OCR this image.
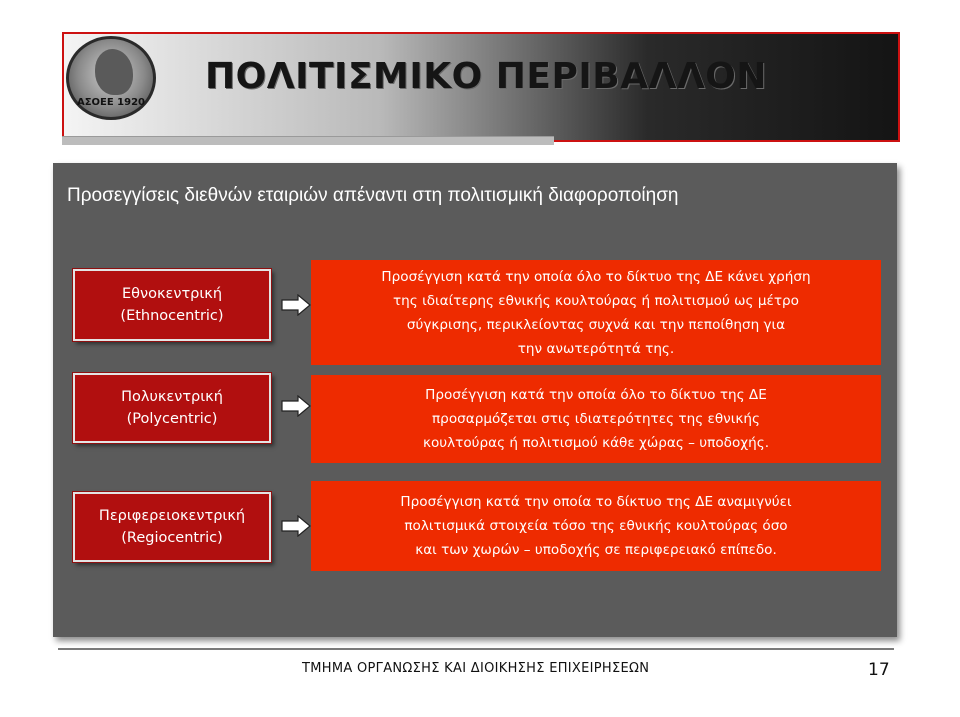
ΑΣΟΕΕ 1920
ΠΟΛΙΤΙΣΜΙΚΟ ΠΕΡΙΒΑΛΛΟΝ

Προσεγγίσεις διεθνών εταιριών απέναντι στη πολιτισμική διαφοροποίηση

Εθνοκεντρική
(Ethnocentric)
Προσέγγιση κατά την οποία όλο το δίκτυο της ΔΕ κάνει χρήση
της ιδιαίτερης εθνικής κουλτούρας ή πολιτισμού ως μέτρο
σύγκρισης, περικλείοντας συχνά και την πεποίθηση για
την ανωτερότητά της.
Πολυκεντρική
(Polycentric)
Προσέγγιση κατά την οποία όλο το δίκτυο της ΔΕ
προσαρμόζεται στις ιδιατερότητες της εθνικής
κουλτούρας ή πολιτισμού κάθε χώρας – υποδοχής.
Περιφερειοκεντρική
(Regiocentric)
Προσέγγιση κατά την οποία το δίκτυο της ΔΕ αναμιγνύει
πολιτισμικά στοιχεία τόσο της εθνικής κουλτούρας όσο
και των χωρών – υποδοχής σε περιφερειακό επίπεδο.
ΤΜΗΜΑ ΟΡΓΑΝΩΣΗΣ ΚΑΙ ΔΙΟΙΚΗΣΗΣ ΕΠΙΧΕΙΡΗΣΕΩΝ	17
